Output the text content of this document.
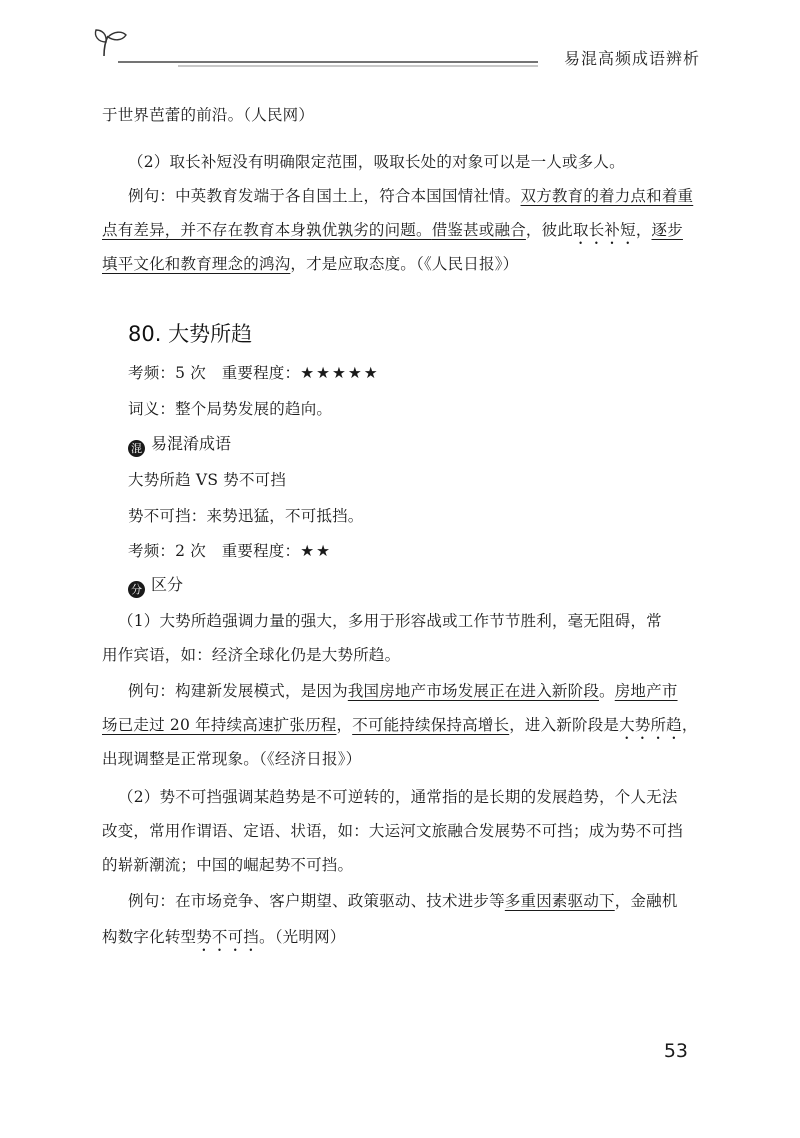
易混高频成语辨析
于世界芭蕾的前沿。（人民网）
（2）取长补短没有明确限定范围，吸取长处的对象可以是一人或多人。
例句：中英教育发端于各自国土上，符合本国国情社情。双方教育的着力点和着重
点有差异，并不存在教育本身孰优孰劣的问题。借鉴甚或融合，彼此取长补短，逐步
填平文化和教育理念的鸿沟，才是应取态度。（《人民日报》）
80. 大势所趋
考频：5 次　重要程度：★★★★★
词义：整个局势发展的趋向。
混 易混淆成语
大势所趋 VS 势不可挡
势不可挡：来势迅猛，不可抵挡。
考频：2 次　重要程度：★★
分 区分
（1）大势所趋强调力量的强大，多用于形容战或工作节节胜利，毫无阻碍，常
用作宾语，如：经济全球化仍是大势所趋。
例句：构建新发展模式，是因为我国房地产市场发展正在进入新阶段。房地产市
场已走过 20 年持续高速扩张历程，不可能持续保持高增长，进入新阶段是大势所趋，
出现调整是正常现象。（《经济日报》）
（2）势不可挡强调某趋势是不可逆转的，通常指的是长期的发展趋势，个人无法
改变，常用作谓语、定语、状语，如：大运河文旅融合发展势不可挡；成为势不可挡
的崭新潮流；中国的崛起势不可挡。
例句：在市场竞争、客户期望、政策驱动、技术进步等多重因素驱动下，金融机
构数字化转型势不可挡。（光明网）
53
